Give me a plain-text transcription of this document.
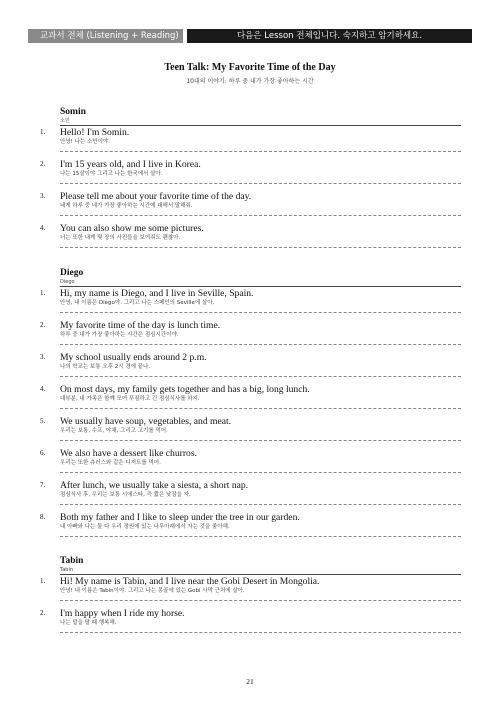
교과서 전체 (Listening + Reading)	다음은 Lesson 전체입니다. 숙지하고 암기하세요.
Teen Talk: My Favorite Time of the Day
10대의 이야기: 하루 중 내가 가장 좋아하는 시간
Somin
소민
1. Hello! I'm Somin.
안녕! 나는 소민이야.
2. I'm 15 years old, and I live in Korea.
나는 15살이야 그리고 나는 한국에서 살아.
3. Please tell me about your favorite time of the day.
네게 하루 중 네가 가장 좋아하는 시간에 대해서 말해줘.
4. You can also show me some pictures.
너는 또한 내게 몇 장의 사진들을 보여줘도 괜찮아.
Diego
Diego
1. Hi, my name is Diego, and I live in Seville, Spain.
안녕, 내 이름은 Diego야. 그리고 나는 스페인의 Seville에 살아.
2. My favorite time of the day is lunch time.
하루 중 내가 가장 좋아하는 시간은 점심시간이야.
3. My school usually ends around 2 p.m.
나의 학교는 보통 오후 2시 경에 끝나.
4. On most days, my family gets together and has a big, long lunch.
대부분, 내 가족은 함께 모여 푸짐하고 긴 점심식사를 하지.
5. We usually have soup, vegetables, and meat.
우리는 보통, 수프, 야채, 그리고 고기를 먹어.
6. We also have a dessert like churros.
우리는 또한 츄러스와 같은 디저트를 먹어.
7. After lunch, we usually take a siesta, a short nap.
점심식사 후, 우리는 보통 시에스타, 즉 짧은 낮잠을 자.
8. Both my father and I like to sleep under the tree in our garden.
내 아빠와 나는 둘 다 우리 정원에 있는 나무아래에서 자는 것을 좋아해.
Tabin
Tabin
1. Hi! My name is Tabin, and I live near the Gobi Desert in Mongolia.
안녕! 내 이름은 Tabin이야. 그리고 나는 몽골에 있는 Gobi 사막 근처에 살아.
2. I'm happy when I ride my horse.
나는 말을 탈 때 행복해.
21
